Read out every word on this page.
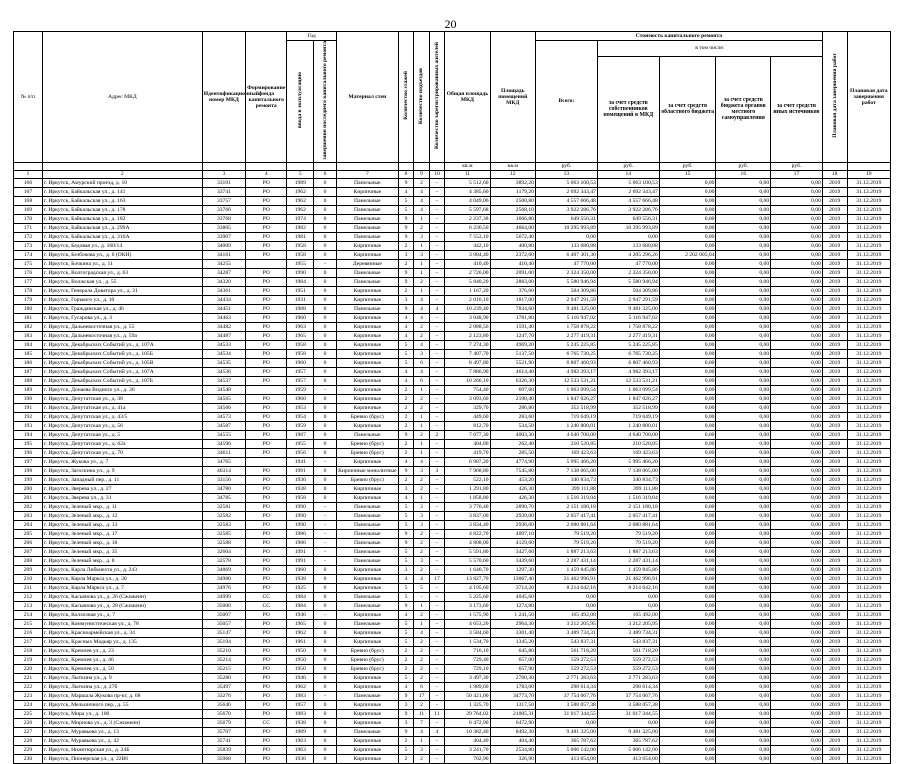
20
№ п/п	Адрес МКД	Идентификационный номер МКД	Формирование фонда капитального ремонта	Год		Материал стен	Количество этажей	Количество подъездов	Количество зарегистрированных жителей	Общая площадь МКД	Площадь помещений МКД	Стоимость капитального ремонта					Плановая дата завершения работ	Плановая дата завершения работ
				ввода в эксплуатацию	завершения последнего капитального ремонта							Всего:	в том числе:					
													за счет средств собственников помещений в МКД	за счет средств областного бюджета	за счет средств бюджета органов местного самоуправления	за счет средств иных источников		
										кв.м	кв.м	руб.	руб.	руб.	руб.	руб.		
1	2	3	4	5	6	7	8	9	10	11	12	13	14	15	16	17	18	19
166	г. Иркутск, Амурский проезд, д. 10	33101	РО	1989	0	Панельные	9	2	-	5 512,60	3892,20	5 063 100,53	5 063 100,53	0,00	0,00	0,00	2019	31.12.2019
167	г. Иркутск, Байкальская ул., д. 141	33741	РО	1962	0	Кирпичные	4	4	-	4 385,60	1179,20	2 692 343,47	2 692 343,47	0,00	0,00	0,00	2019	31.12.2019
168	г. Иркутск, Байкальская ул., д. 163	33757	РО	1962	0	Панельные	5	4	-	4 049,06	2500,80	4 557 666,48	4 557 666,48	0,00	0,00	0,00	2019	31.12.2019
169	г. Иркутск, Байкальская ул., д. 178	33766	РО	1962	0	Панельные	5	4	-	5 597,68	2568,10	3 922 286,76	3 922 286,76	0,00	0,00	0,00	2019	31.12.2019
170	г. Иркутск, Байкальская ул., д. 182	33768	РО	1974	0	Панельные	9	1	-	2 237,38	1666,80	649 556,31	649 556,31	0,00	0,00	0,00	2019	31.12.2019
171	г. Иркутск, Байкальская ул., д. 299А	33805	РО	1982	0	Панельные	9	2	-	6 236,50	4664,00	10 295 993,89	10 295 993,89	0,00	0,00	0,00	2019	31.12.2019
172	г. Иркутск, Байкальская ул., д. 310А	33907	РО	1981	0	Панельные	9	3	-	7 553,10	5672,40	0,00	0,00	0,00	0,00	0,00	2019	31.12.2019
173	г. Иркутск, Бедовая ул., д. 160/14	34009	РО	1958	0	Кирпичные	2	1	-	442,10	400,80	133 680,88	133 680,88	0,00	0,00	0,00	2019	31.12.2019
174	г. Иркутск, Безбокова ул., д. 6 (ОКН)	34161	РО	1958	0	Кирпичные	3	3	-	3 084,40	2372,60	6 407 301,30	4 205 296,26	2 202 005,04	0,00	0,00	2019	31.12.2019
175	г. Иркутск, Бочкина ул., д. 11	34255		1955	-	Деревянные	2	1	-	410,40	410,40	47 770,00	47 770,00	0,00	0,00	0,00	2019	31.12.2019
176	г. Иркутск, Волгоградская ул., д. 63	34287	РО	1990	0	Панельные	9	1	-	2 726,00	2091,00	2 324 350,00	2 324 350,00	0,00	0,00	0,00	2019	31.12.2019
177	г. Иркутск, Волжская ул., д. 55	34320	РО	1984	0	Панельные	9	2	-	5 840,20	2883,00	5 580 946,94	5 580 946,94	0,00	0,00	0,00	2019	31.12.2019
178	г. Иркутск, Генерала Доватора ул., д. 21	34361	РО	1951	0	Кирпичные	2	1	-	1 167,20	376,60	504 309,86	504 309,86	0,00	0,00	0,00	2019	31.12.2019
179	г. Иркутск, Горького ул., д. 10	34434	РО	1931	0	Кирпичные	3	4	-	2 016,10	1817,00	2 947 291,59	2 947 291,59	0,00	0,00	0,00	2019	31.12.2019
180	г. Иркутск, Гражданская ул., д. 46	34451	РО	1988	0	Панельные	9	4	4	10 239,40	7834,60	9 481 325,00	9 481 325,00	0,00	0,00	0,00	2019	31.12.2019
181	г. Иркутск, Гусарова ул., д. 3	34463	РО	1960	0	Кирпичные	4	4	-	3 048,90	1781,80	5 116 947,02	5 116 947,02	0,00	0,00	0,00	2019	31.12.2019
182	г. Иркутск, Дальневосточная ул., д. 55	34482	РО	1963	0	Кирпичные	4	2	-	2 088,56	1591,40	1 758 878,22	1 758 878,22	0,00	0,00	0,00	2019	31.12.2019
183	г. Иркутск, Дальневосточная ул., д. 59а	34487	РО	1965	0	Кирпичные	4	2	-	2 123,80	1247,70	2 277 419,31	2 277 419,31	0,00	0,00	0,00	2019	31.12.2019
184	г. Иркутск, Декабрьских Событий ул., д. 107А	34533	РО	1958	0	Кирпичные	5	4	-	7 274,30	4969,20	5 245 225,85	5 245 225,85	0,00	0,00	0,00	2019	31.12.2019
185	г. Иркутск, Декабрьских Событий ул., д. 105Б	34534	РО	1958	0	Кирпичные	5	3	-	7 407,70	5137,50	6 765 730,25	6 765 730,25	0,00	0,00	0,00	2019	31.12.2019
186	г. Иркутск, Декабрьских Событий ул., д. 105В	34535	РО	1960	0	Кирпичные	5	6	-	8 497,80	5521,90	6 807 460,93	6 807 460,93	0,00	0,00	0,00	2019	31.12.2019
187	г. Иркутск, Декабрьских Событий ул., д. 107А	34536	РО	1957	0	Кирпичные	4	4	-	7 886,90	4614,40	4 982 393,17	4 982 393,17	0,00	0,00	0,00	2019	31.12.2019
188	г. Иркутск, Декабрьских Событий ул., д. 107Б	34537	РО	1957	0	Кирпичные	4	6	-	10 266,10	6326,30	12 533 531,21	12 533 531,21	0,00	0,00	0,00	2019	31.12.2019
189	г. Иркутск, Донаева Видного ул., д. 36	34548		1959	-	Кирпичные	2	1	-	754,40	697,60	1 063 099,54	1 063 099,54	0,00	0,00	0,00	2019	31.12.2019
190	г. Иркутск, Депутатская ул., д. 38	34565	РО	1960	0	Кирпичные	2	2	-	3 093,60	2190,40	1 847 026,27	1 847 026,27	0,00	0,00	0,00	2019	31.12.2019
191	г. Иркутск, Депутатская ул., д. 41а	34566	РО	1953	0	Кирпичные	2	2	-	329,70	286,80	352 518,99	352 518,99	0,00	0,00	0,00	2019	31.12.2019
192	г. Иркутск, Депутатская ул., д. 43/5	34573	РО	1954	0	Бревно (брус)	2	1	-	449,60	283,60	719 649,19	719 649,19	0,00	0,00	0,00	2019	31.12.2019
193	г. Иркутск, Депутатская ул., д. 56	34587	РО	1959	0	Кирпичные	2	1	-	812,70	534,50	1 240 800,01	1 240 800,01	0,00	0,00	0,00	2019	31.12.2019
194	г. Иркутск, Депутатская ул., д. 5	34555	РО	1987	0	Панельные	9	2	2	7 677,30	4003,30	4 640 700,00	4 640 700,00	0,00	0,00	0,00	2019	31.12.2019
195	г. Иркутск, Депутатская ул., д. 62а	34596	РО	1955	0	Бревно (брус)	2	1	-	404,80	262,40	210 520,85	210 520,85	0,00	0,00	0,00	2019	31.12.2019
196	г. Иркутск, Депутатская ул., д. 70	34611	РО	1956	0	Бревно (брус)	2	1	-	419,70	285,50	169 423,63	169 423,63	0,00	0,00	0,00	2019	31.12.2019
197	г. Иркутск, Жукова ул., д. 7	34765		1941	-	Кирпичные	4	4	-	6 907,20	4774,90	5 995 466,20	5 995 466,20	0,00	0,00	0,00	2019	31.12.2019
198	г. Иркутск, Загоскина ул., д. 9	46314	РО	1991	0	Кирпичные монолитные	9	3	3	7 968,80	7545,80	7 138 065,00	7 138 065,00	0,00	0,00	0,00	2019	31.12.2019
199	г. Иркутск, Западный пер., д. 11	33156	РО	1936	0	Бревно (брус)	2	2	-	522,10	453,20	340 834,73	340 834,73	0,00	0,00	0,00	2019	31.12.2019
200	г. Иркутск, Зверева ул., д. 27	34780	РО	1938	0	Кирпичные	3	2	-	1 291,80	426,30	399 111,88	399 111,88	0,00	0,00	0,00	2019	31.12.2019
201	г. Иркутск, Зверева ул., д. 31	34785	РО	1958	0	Кирпичные	4	1	-	1 858,80	426,30	1 516 319,04	1 516 319,04	0,00	0,00	0,00	2019	31.12.2019
202	г. Иркутск, Зеленый мкр., д. 11	32581	РО	1990	-	Панельные	5	3	-	3 776,40	2890,70	2 151 180,18	2 151 180,18	0,00	0,00	0,00	2019	31.12.2019
203	г. Иркутск, Зеленый мкр., д. 12	32582	РО	1990	-	Панельные	5	3	-	3 837,00	2939,00	2 057 417,41	2 057 417,41	0,00	0,00	0,00	2019	31.12.2019
204	г. Иркутск, Зеленый мкр., д. 13	32583	РО	1990	-	Панельные	5	3	-	3 834,40	2936,00	2 080 881,64	2 080 881,64	0,00	0,00	0,00	2019	31.12.2019
205	г. Иркутск, Зеленый мкр., д. 17	32585	РО	1986	-	Панельные	9	2	-	4 822,70	4097,10	79 519,20	79 519,20	0,00	0,00	0,00	2019	31.12.2019
206	г. Иркутск, Зеленый мкр., д. 18	32588	РО	1986	-	Панельные	9	2	-	4 808,00	4129,60	79 519,20	79 519,20	0,00	0,00	0,00	2019	31.12.2019
207	г. Иркутск, Зеленый мкр., д. 35	32604	РО	1991	-	Панельные	5	2	-	5 591,80	3427,60	1 887 213,63	1 887 213,63	0,00	0,00	0,00	2019	31.12.2019
208	г. Иркутск, Зеленый мкр., д. 8	32578	РО	1991	-	Панельные	5	3	-	5 570,60	3439,60	2 287 431,14	2 287 431,14	0,00	0,00	0,00	2019	31.12.2019
209	г. Иркутск, Карла Либкнехта ул., д. 243	34869	РО	1960	0	Кирпичные	3	2	-	1 646,70	1297,30	1 459 845,86	1 459 845,86	0,00	0,00	0,00	2019	31.12.2019
210	г. Иркутск, Карла Маркса ул., д. 30	34980	РО	1938	0	Кирпичные	4	4	17	13 827,70	13067,40	21 462 996,91	21 462 996,91	0,00	0,00	0,00	2019	31.12.2019
211	г. Иркутск, Карла Маркса ул., д. 7	34976	РО	1925	0	Кирпичные	5	5	-	4 195,60	3714,20	8 214 642,16	8 214 642,16	0,00	0,00	0,00	2019	31.12.2019
212	г. Иркутск, Касьянова ул., д. 26 (Сжиженн)	34999	СС	1984	0	Панельные	5	-	-	5 225,60	4045,60	0,00	0,00	0,00	0,00	0,00	2019	31.12.2019
213	г. Иркутск, Касьянова ул., д. 28 (Сжиженн)	35000	СС	1984	0	Панельные	9	1	-	3 173,60	1274,80	0,00	0,00	0,00	0,00	0,00	2019	31.12.2019
214	г. Иркутск, Колхозная ул., д. 7	35007	РО	1946	-	Кирпичные	4	2	-	1 575,90	1 241,50	165 492,00	165 492,00	0,00	0,00	0,00	2019	31.12.2019
215	г. Иркутск, Коммунистическая ул., д. 78	35057	РО	1965	0	Панельные	5	1	-	4 653,20	2964,30	3 212 205,95	3 212 205,95	0,00	0,00	0,00	2019	31.12.2019
216	г. Иркутск, Красноармейская ул., д. 34	35147	РО	1962	0	Кирпичные	5	4	-	3 584,60	3301,40	3 489 734,31	3 489 734,31	0,00	0,00	0,00	2019	31.12.2019
217	г. Иркутск, Красных Мадьяр ул., д. 135	35194	РО	1961	0	Кирпичные	5	2	-	1 534,70	1345,20	543 837,31	543 837,31	0,00	0,00	0,00	2019	31.12.2019
218	г. Иркутск, Кремлев ул., д. 23	35210	РО	1950	0	Бревно (брус)	2	2	-	716,10	645,80	561 718,20	561 718,20	0,00	0,00	0,00	2019	31.12.2019
219	г. Иркутск, Кремлев ул., д. 46	35214	РО	1950	0	Бревно (брус)	2	2	-	729,40	657,00	559 272,53	559 272,53	0,00	0,00	0,00	2019	31.12.2019
220	г. Иркутск, Кремлев ул., д. 50	35215	РО	1950	0	Бревно (брус)	2	2	-	729,10	657,90	559 272,53	559 272,53	0,00	0,00	0,00	2019	31.12.2019
221	г. Иркутск, Лыткина ул., д. 9	35280	РО	1946	0	Кирпичные	5	2	-	3 497,30	2760,30	2 771 283,63	2 771 283,63	0,00	0,00	0,00	2019	31.12.2019
222	г. Иркутск, Лыткина ул., д. 27б	35497	РО	1962	0	Кирпичные	4	6	-	1 989,60	1783,00	298 614,34	298 614,34	0,00	0,00	0,00	2019	31.12.2019
223	г. Иркутск, Маршала Жукова пр-кт, д. 68	33276	РО	1983	-	Панельные	9	17	-	50 421,00	34773,70	37 754 067,76	37 754 067,76	0,00	0,00	0,00	2019	31.12.2019
224	г. Иркутск, Мельничного пер., д. 55	35646	РО	1957	0	Кирпичные	3	2	-	1 325,70	1317,50	3 588 057,38	3 588 057,38	0,00	0,00	0,00	2019	31.12.2019
225	г. Иркутск, Мира ул., д. 100	35670	РО	1983	0	Кирпичные	9	11	11	29 764,02	21005,31	31 017 344,55	31 017 344,55	0,00	0,00	0,00	2019	31.12.2019
226	г. Иркутск, Мирнова ул., д. 3 (Сжиженн)	35679	СС	1938	0	Кирпичные	3	7	-	6 472,90	6472,90	0,00	0,00	0,00	0,00	0,00	2019	31.12.2019
227	г. Иркутск, Муравьева ул., д. 13	35707	РО	1989	0	Панельные	9	4	4	10 382,40	8492,30	9 481 325,00	9 481 325,00	0,00	0,00	0,00	2019	31.12.2019
228	г. Иркутск, Муравьева ул., д. 42	35741	РО	1963	0	Кирпичные	2	1	-	404,40	404,40	365 787,62	365 787,62	0,00	0,00	0,00	2019	31.12.2019
229	г. Иркутск, Нижетюрская ул., д. 24Б	35839	РО	1963	0	Кирпичные	5	3	-	3 241,70	2534,80	5 006 142,00	5 006 142,00	0,00	0,00	0,00	2019	31.12.2019
230	г. Иркутск, Пионерская ул., д. 22В6	35968	РО	1936	0	Кирпичные	2	2	-	702,90	326,90	413 654,00	413 654,00	0,00	0,00	0,00	2019	31.12.2019
